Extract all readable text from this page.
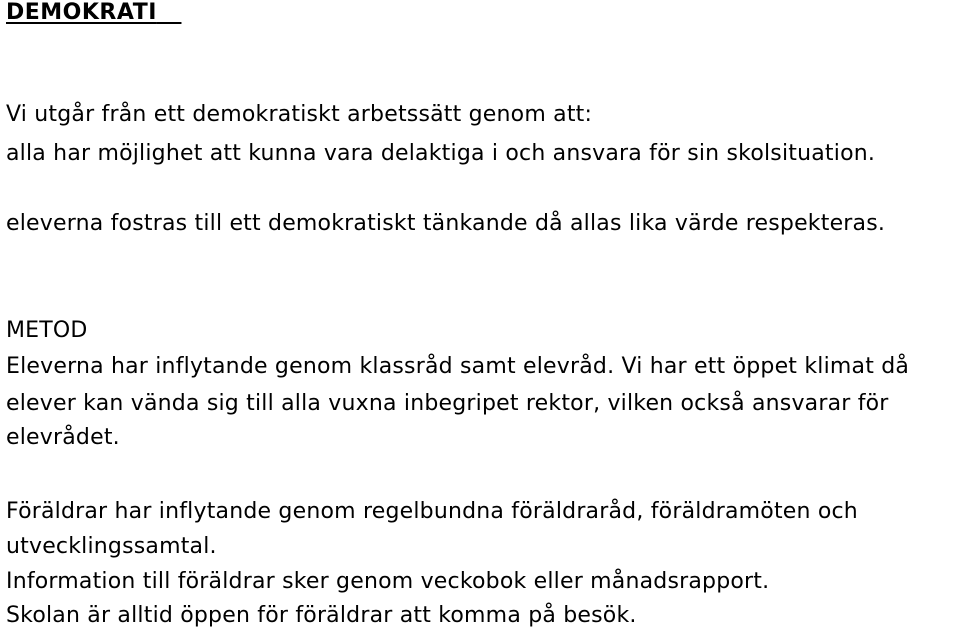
DEMOKRATI
Vi utgår från ett demokratiskt arbetssätt genom att:
alla har möjlighet att kunna vara delaktiga i och ansvara för sin skolsituation.
eleverna fostras till ett demokratiskt tänkande då allas lika värde respekteras.
METOD
Eleverna har inflytande genom klassråd samt elevråd. Vi har ett öppet klimat då
elever kan vända sig till alla vuxna inbegripet rektor, vilken också ansvarar för
elevrådet.
Föräldrar har inflytande genom regelbundna föräldraråd, föräldramöten och
utvecklingssamtal.
Information till föräldrar sker genom veckobok eller månadsrapport.
Skolan är alltid öppen för föräldrar att komma på besök.
